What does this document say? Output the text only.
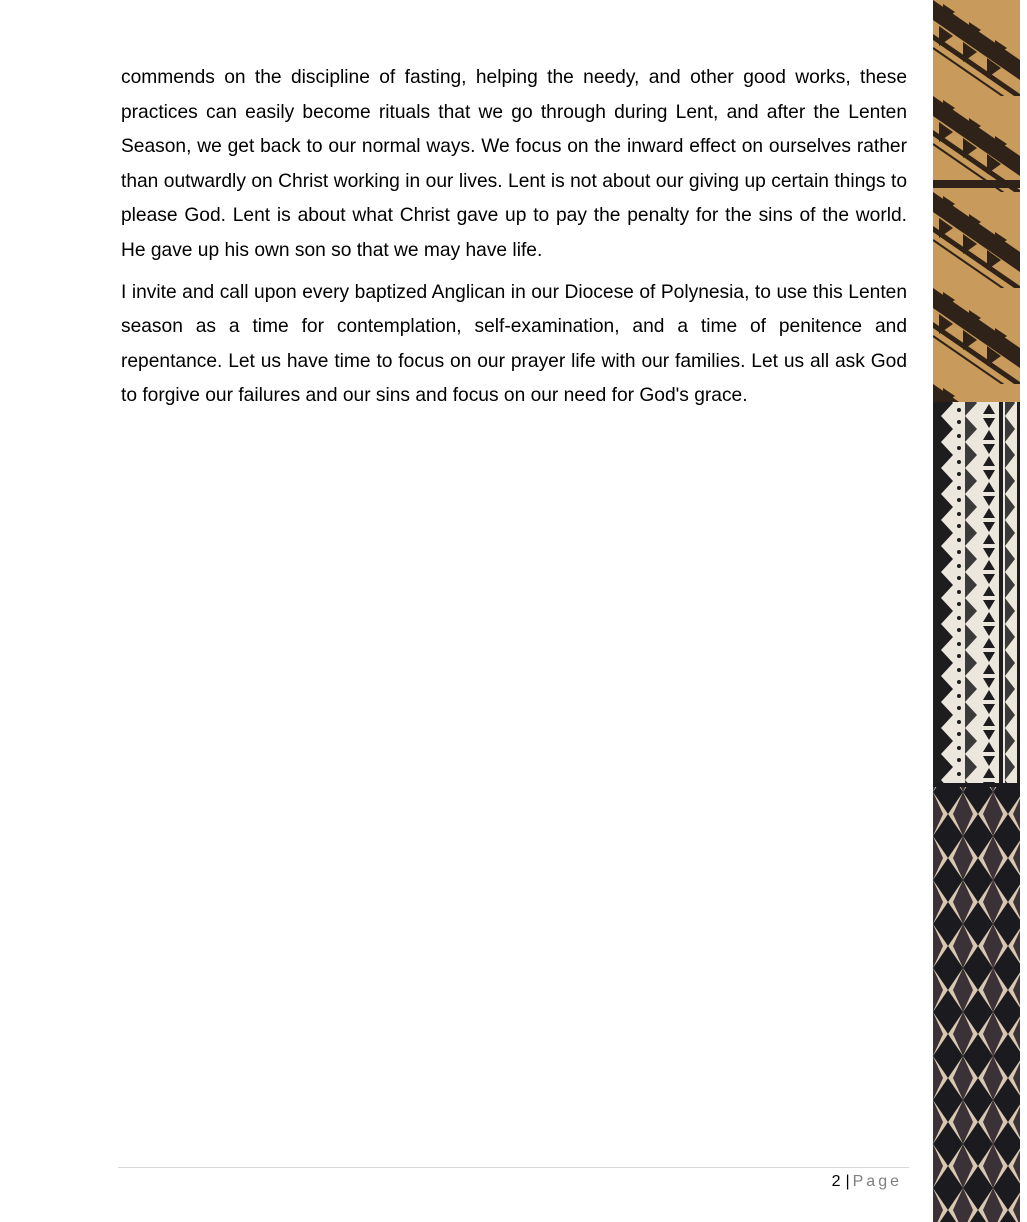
commends on the discipline of fasting, helping the needy, and other good works, these practices can easily become rituals that we go through during Lent, and after the Lenten Season, we get back to our normal ways. We focus on the inward effect on ourselves rather than outwardly on Christ working in our lives. Lent is not about our giving up certain things to please God. Lent is about what Christ gave up to pay the penalty for the sins of the world. He gave up his own son so that we may have life.

I invite and call upon every baptized Anglican in our Diocese of Polynesia, to use this Lenten season as a time for contemplation, self-examination, and a time of penitence and repentance. Let us have time to focus on our prayer life with our families. Let us all ask God to forgive our failures and our sins and focus on our need for God's grace.

2 | Page
